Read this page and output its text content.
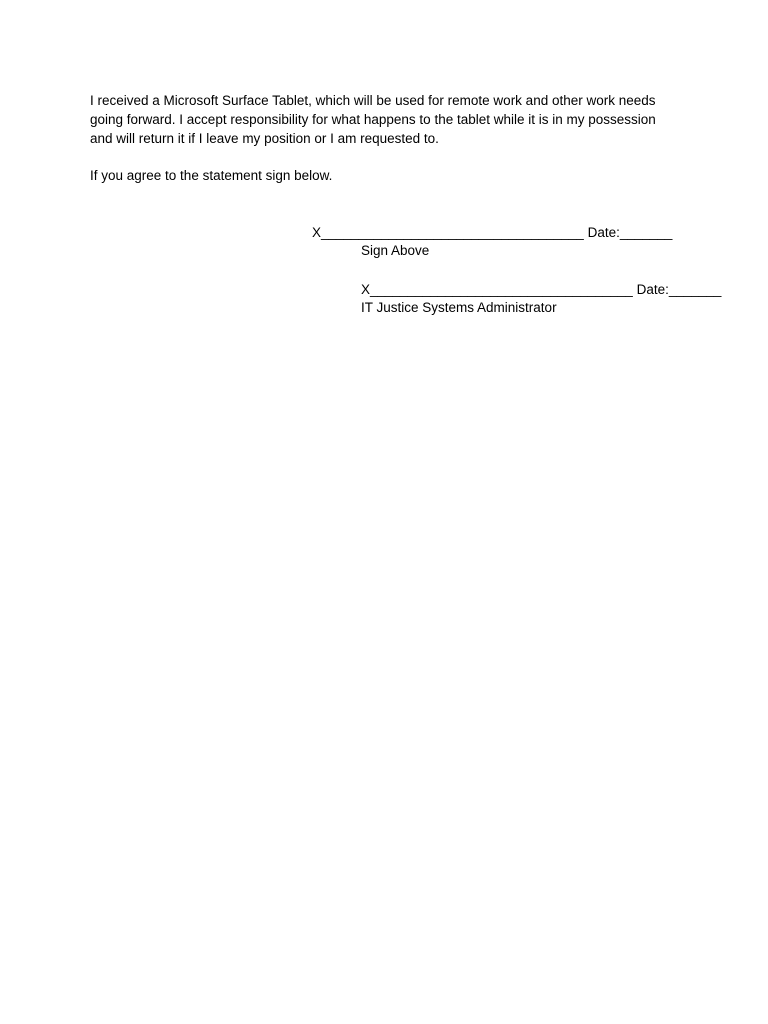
I received a Microsoft Surface Tablet, which will be used for remote work and other work needs
going forward. I accept responsibility for what happens to the tablet while it is in my possession
and will return it if I leave my position or I am requested to.

If you agree to the statement sign below.

X___________________________________ Date:_______

Sign Above

X___________________________________ Date:_______

IT Justice Systems Administrator
